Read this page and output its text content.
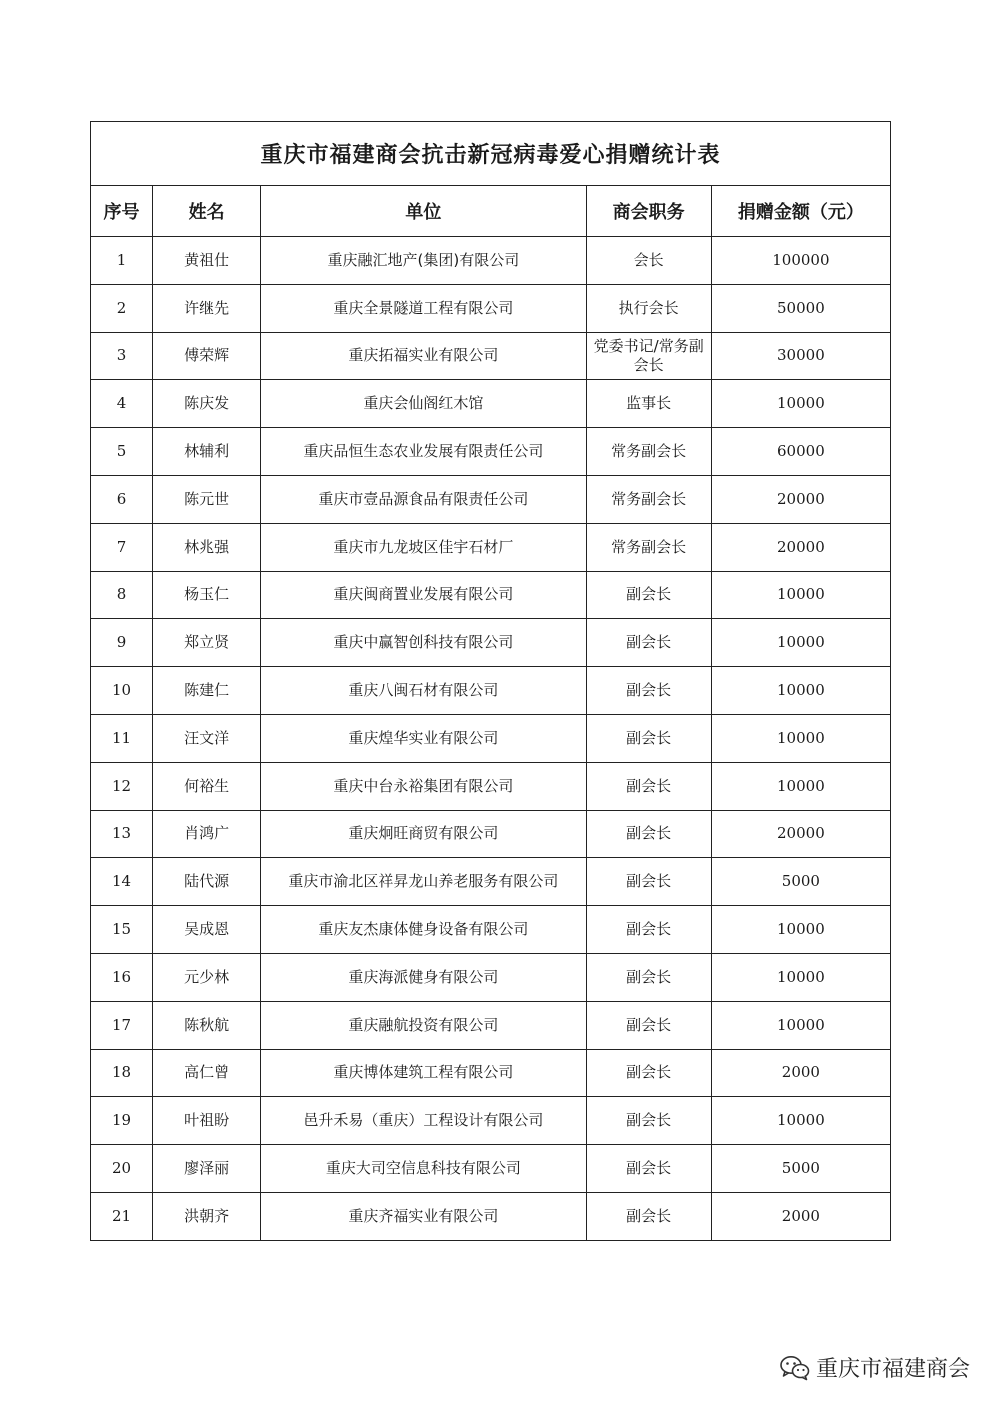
重庆市福建商会抗击新冠病毒爱心捐赠统计表				
序号	姓名	单位	商会职务	捐赠金额（元）
1	黄祖仕	重庆融汇地产(集团)有限公司	会长	100000
2	许继先	重庆全景隧道工程有限公司	执行会长	50000
3	傅荣辉	重庆拓福实业有限公司	党委书记/常务副会长	30000
4	陈庆发	重庆会仙阁红木馆	监事长	10000
5	林辅利	重庆品恒生态农业发展有限责任公司	常务副会长	60000
6	陈元世	重庆市壹品源食品有限责任公司	常务副会长	20000
7	林兆强	重庆市九龙坡区佳宇石材厂	常务副会长	20000
8	杨玉仁	重庆闽商置业发展有限公司	副会长	10000
9	郑立贤	重庆中赢智创科技有限公司	副会长	10000
10	陈建仁	重庆八闽石材有限公司	副会长	10000
11	汪文洋	重庆煌华实业有限公司	副会长	10000
12	何裕生	重庆中台永裕集团有限公司	副会长	10000
13	肖鸿广	重庆炯旺商贸有限公司	副会长	20000
14	陆代源	重庆市渝北区祥昇龙山养老服务有限公司	副会长	5000
15	吴成恩	重庆友杰康体健身设备有限公司	副会长	10000
16	元少林	重庆海派健身有限公司	副会长	10000
17	陈秋航	重庆融航投资有限公司	副会长	10000
18	高仁曾	重庆博体建筑工程有限公司	副会长	2000
19	叶祖盼	邑升禾易（重庆）工程设计有限公司	副会长	10000
20	廖泽丽	重庆大司空信息科技有限公司	副会长	5000
21	洪朝齐	重庆齐福实业有限公司	副会长	2000
重庆市福建商会
